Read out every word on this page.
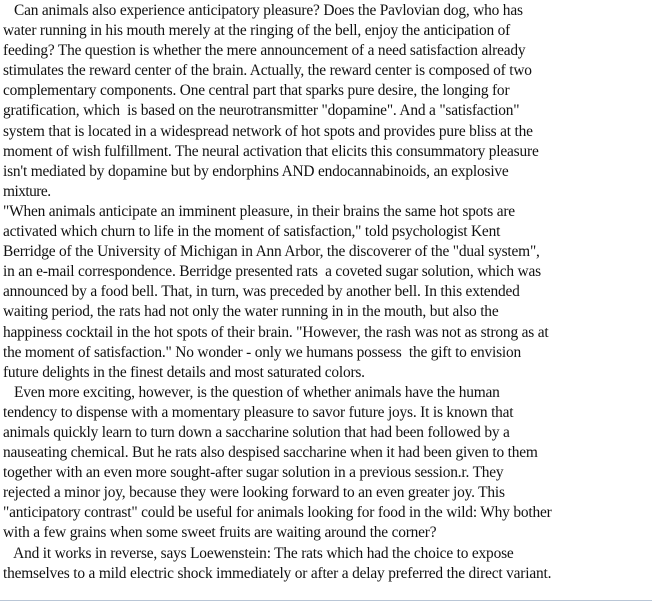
Can animals also experience anticipatory pleasure? Does the Pavlovian dog, who has
water running in his mouth merely at the ringing of the bell, enjoy the anticipation of
feeding? The question is whether the mere announcement of a need satisfaction already
stimulates the reward center of the brain. Actually, the reward center is composed of two
complementary components. One central part that sparks pure desire, the longing for
gratification, which  is based on the neurotransmitter "dopamine". And a "satisfaction"
system that is located in a widespread network of hot spots and provides pure bliss at the
moment of wish fulfillment. The neural activation that elicits this consummatory pleasure
isn't mediated by dopamine but by endorphins AND endocannabinoids, an explosive
mixture.
"When animals anticipate an imminent pleasure, in their brains the same hot spots are
activated which churn to life in the moment of satisfaction," told psychologist Kent
Berridge of the University of Michigan in Ann Arbor, the discoverer of the "dual system",
in an e-mail correspondence. Berridge presented rats  a coveted sugar solution, which was
announced by a food bell. That, in turn, was preceded by another bell. In this extended
waiting period, the rats had not only the water running in in the mouth, but also the
happiness cocktail in the hot spots of their brain. "However, the rash was not as strong as at
the moment of satisfaction." No wonder - only we humans possess  the gift to envision
future delights in the finest details and most saturated colors.
Even more exciting, however, is the question of whether animals have the human
tendency to dispense with a momentary pleasure to savor future joys. It is known that
animals quickly learn to turn down a saccharine solution that had been followed by a
nauseating chemical. But he rats also despised saccharine when it had been given to them
together with an even more sought-after sugar solution in a previous session.r. They
rejected a minor joy, because they were looking forward to an even greater joy. This
"anticipatory contrast" could be useful for animals looking for food in the wild: Why bother
with a few grains when some sweet fruits are waiting around the corner?
And it works in reverse, says Loewenstein: The rats which had the choice to expose
themselves to a mild electric shock immediately or after a delay preferred the direct variant.
